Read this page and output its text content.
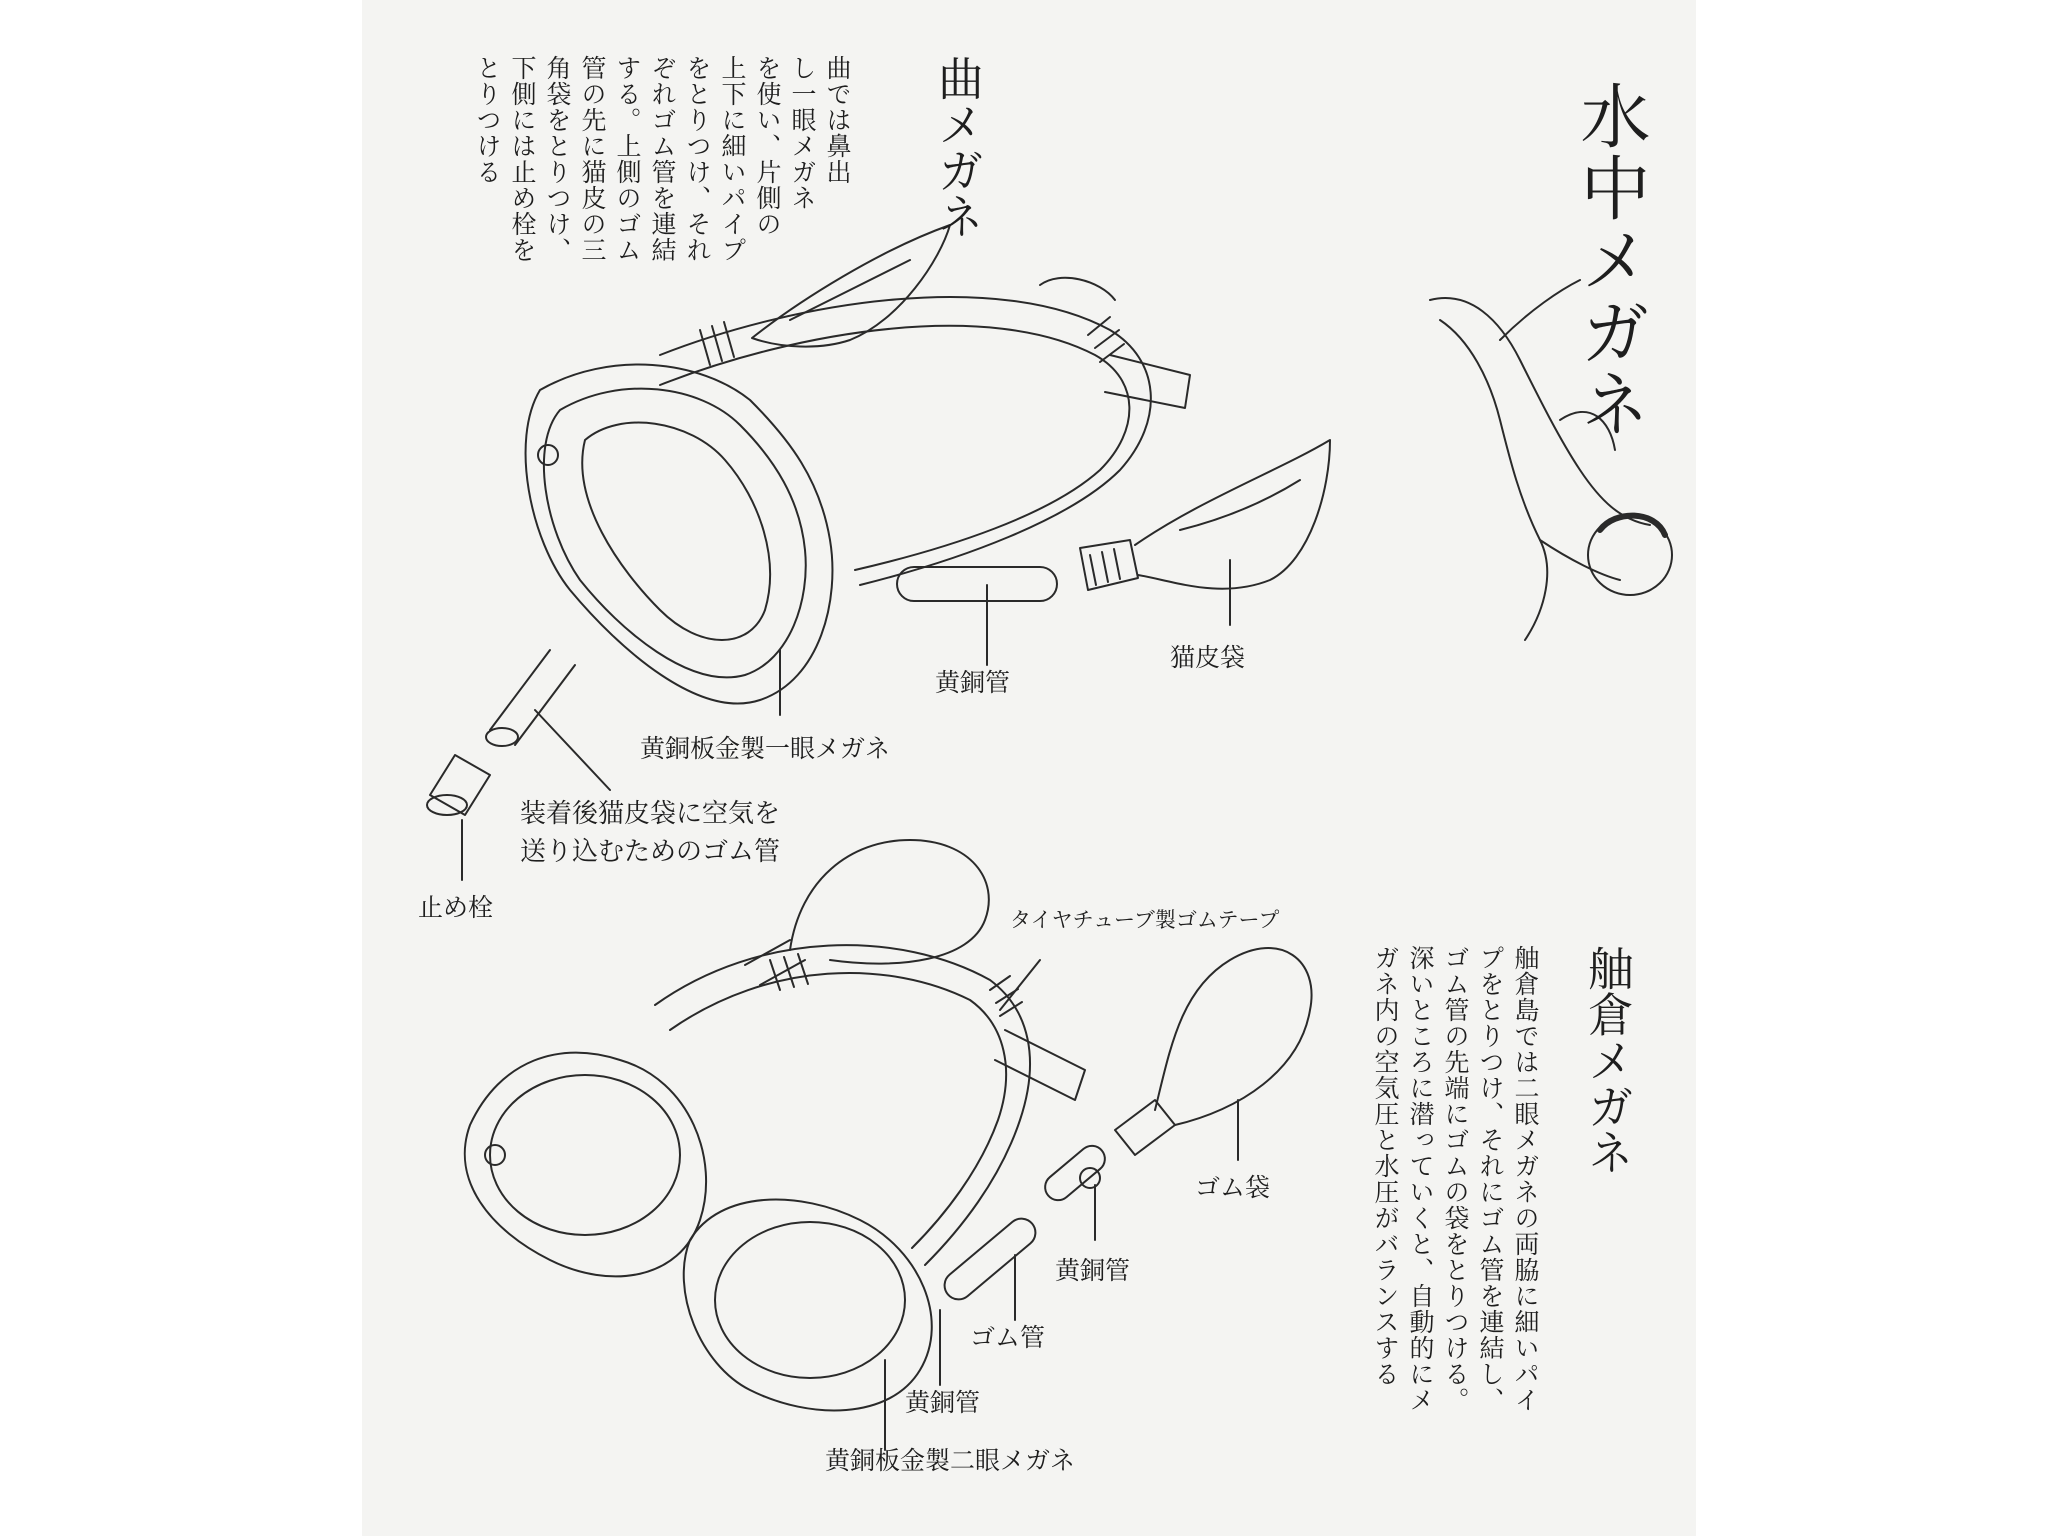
水中メガネ
曲メガネ
曲では鼻出
し一眼メガネ
を使い、片側の
上下に細いパイプ
をとりつけ、それ
ぞれゴム管を連結
する。上側のゴム
管の先に猫皮の三
角袋をとりつけ、
下側には止め栓を
とりつける
舳倉メガネ
舳倉島では二眼メガネの両脇に細いパイ
プをとりつけ、それにゴム管を連結し、
ゴム管の先端にゴムの袋をとりつける。
深いところに潜っていくと、自動的にメ
ガネ内の空気圧と水圧がバランスする
黄銅管
猫皮袋
黄銅板金製一眼メガネ
装着後猫皮袋に空気を
送り込むためのゴム管
止め栓	タイヤチューブ製ゴムテープ
ゴム袋
黄銅管
ゴム管
黄銅管
黄銅板金製二眼メガネ
